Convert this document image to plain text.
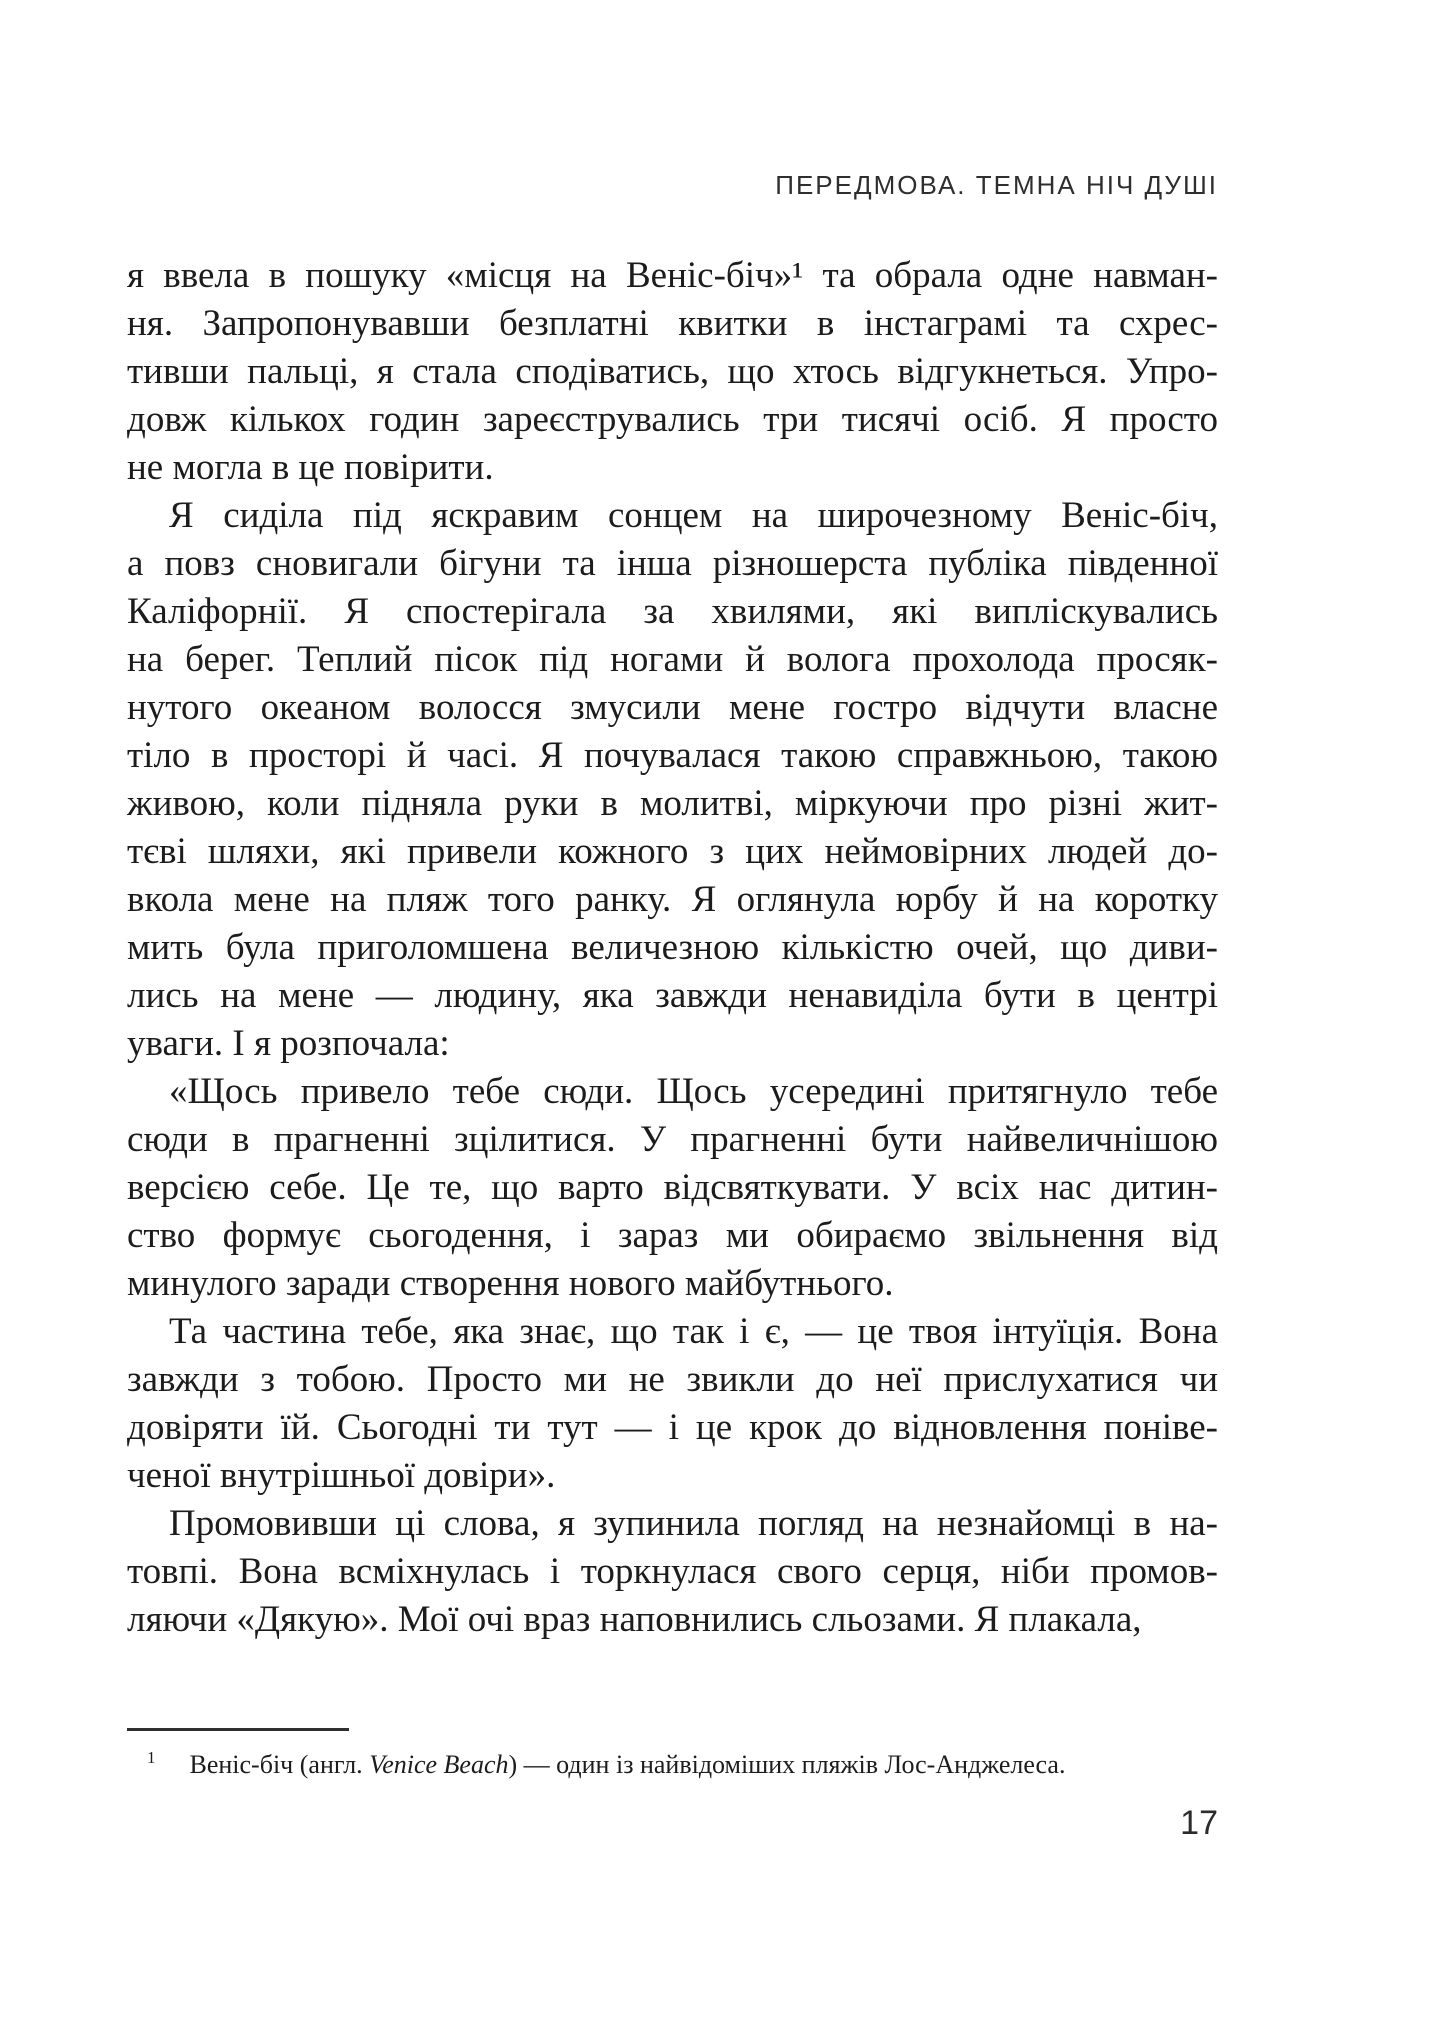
ПЕРЕДМОВА. ТЕМНА НІЧ ДУШІ
я ввела в пошуку «місця на Веніс-біч»¹ та обрала одне навман-
ня. Запропонувавши безплатні квитки в інстаграмі та схрес-
тивши пальці, я стала сподіватись, що хтось відгукнеться. Упро-
довж кількох годин зареєструвались три тисячі осіб. Я просто
не могла в це повірити.
Я сиділа під яскравим сонцем на широчезному Веніс-біч,
а повз сновигали бігуни та інша різношерста публіка південної
Каліфорнії. Я спостерігала за хвилями, які випліскувались
на берег. Теплий пісок під ногами й волога прохолода просяк-
нутого океаном волосся змусили мене гостро відчути власне
тіло в просторі й часі. Я почувалася такою справжньою, такою
живою, коли підняла руки в молитві, міркуючи про різні жит-
тєві шляхи, які привели кожного з цих неймовірних людей до-
вкола мене на пляж того ранку. Я оглянула юрбу й на коротку
мить була приголомшена величезною кількістю очей, що диви-
лись на мене — людину, яка завжди ненавиділа бути в центрі
уваги. І я розпочала:
«Щось привело тебе сюди. Щось усередині притягнуло тебе
сюди в прагненні зцілитися. У прагненні бути найвеличнішою
версією себе. Це те, що варто відсвяткувати. У всіх нас дитин-
ство формує сьогодення, і зараз ми обираємо звільнення від
минулого заради створення нового майбутнього.
Та частина тебе, яка знає, що так і є, — це твоя інтуїція. Вона
завжди з тобою. Просто ми не звикли до неї прислухатися чи
довіряти їй. Сьогодні ти тут — і це крок до відновлення поніве-
ченої внутрішньої довіри».
Промовивши ці слова, я зупинила погляд на незнайомці в на-
товпі. Вона всміхнулась і торкнулася свого серця, ніби промов-
ляючи «Дякую». Мої очі враз наповнились сльозами. Я плакала,
$^1$ Веніс-біч (англ. Venice Beach) — один із найвідоміших пляжів Лос-Анджелеса.
17
